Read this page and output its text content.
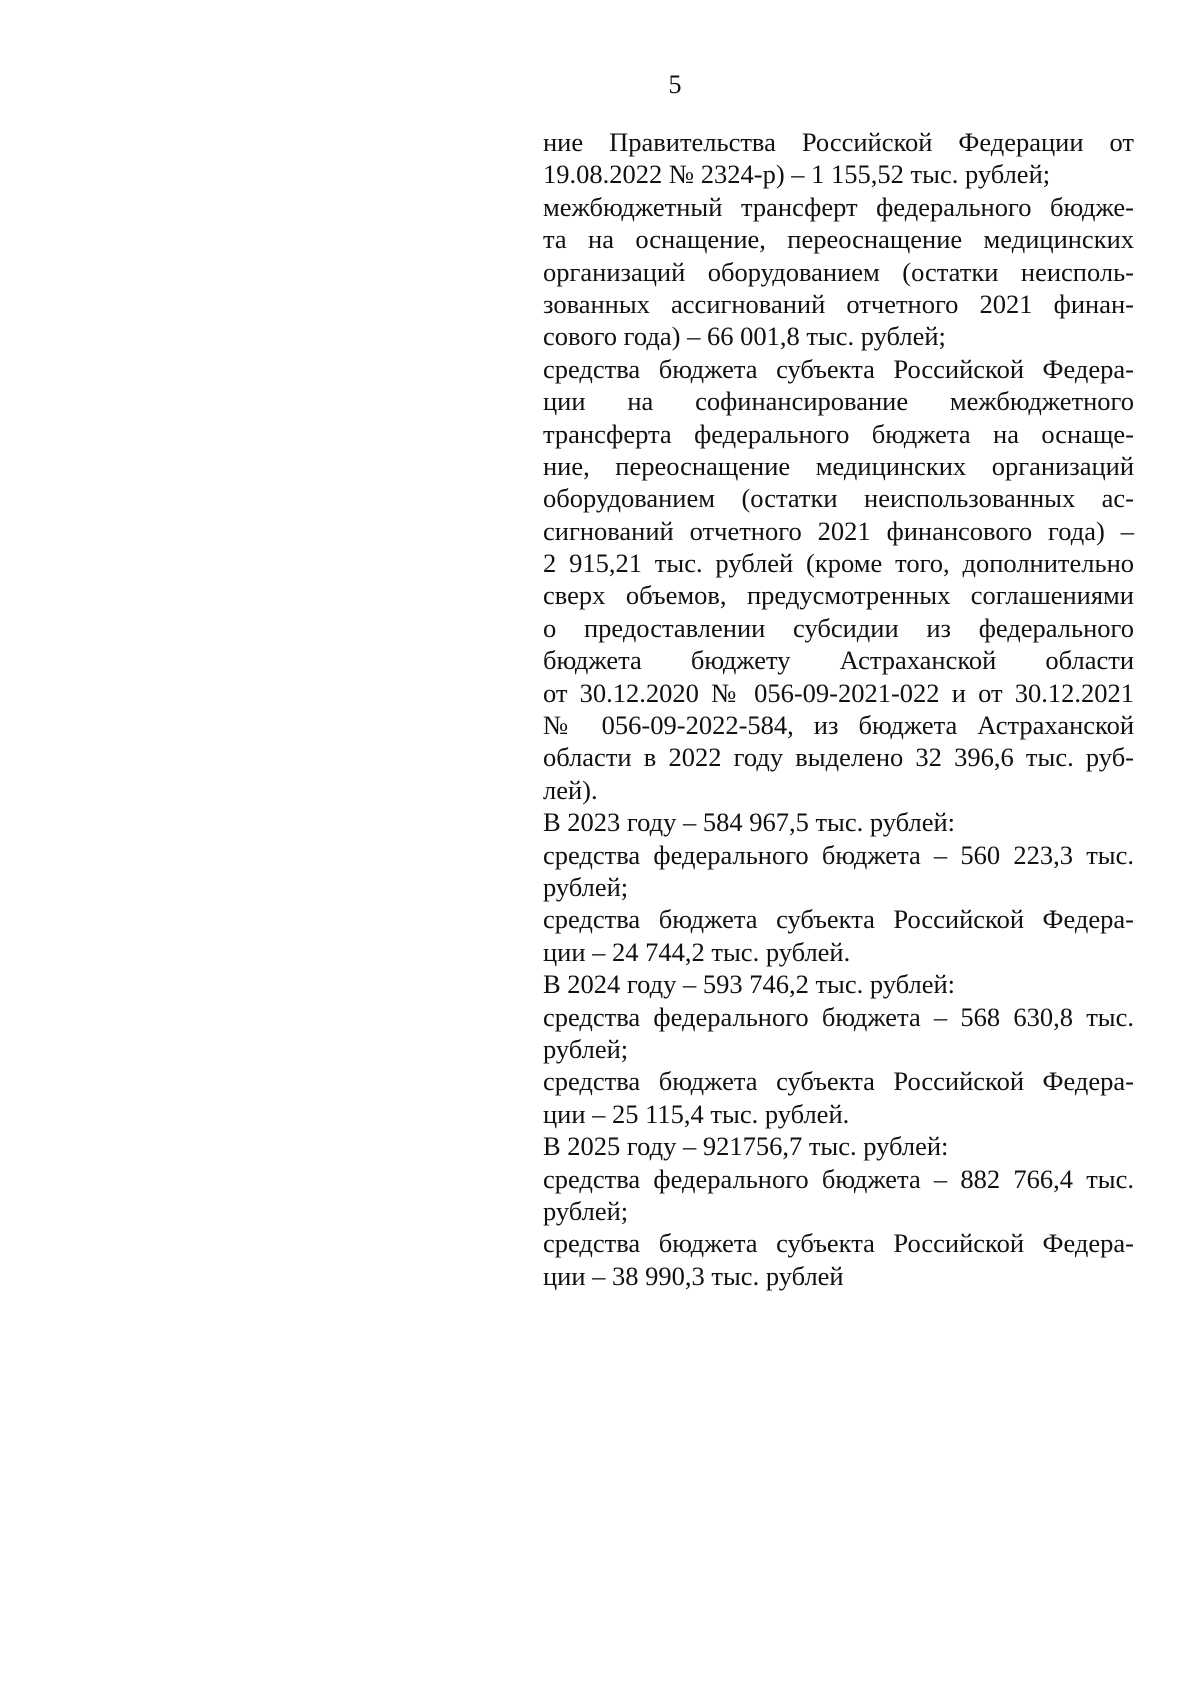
5
ние Правительства Российской Федерации от
19.08.2022 № 2324-р) – 1 155,52 тыс. рублей;
межбюджетный трансферт федерального бюдже-
та на оснащение, переоснащение медицинских
организаций оборудованием (остатки неисполь-
зованных ассигнований отчетного 2021 финан-
сового года) – 66 001,8 тыс. рублей;
средства бюджета субъекта Российской Федера-
ции на софинансирование межбюджетного
трансферта федерального бюджета на оснаще-
ние, переоснащение медицинских организаций
оборудованием (остатки неиспользованных ас-
сигнований отчетного 2021 финансового года) –
2 915,21 тыс. рублей (кроме того, дополнительно
сверх объемов, предусмотренных соглашениями
о предоставлении субсидии из федерального
бюджета бюджету Астраханской области
от 30.12.2020 № 056-09-2021-022 и от 30.12.2021
№ 056-09-2022-584, из бюджета Астраханской
области в 2022 году выделено 32 396,6 тыс. руб-
лей).
В 2023 году – 584 967,5 тыс. рублей:
средства федерального бюджета – 560 223,3 тыс.
рублей;
средства бюджета субъекта Российской Федера-
ции – 24 744,2 тыс. рублей.
В 2024 году – 593 746,2 тыс. рублей:
средства федерального бюджета – 568 630,8 тыс.
рублей;
средства бюджета субъекта Российской Федера-
ции – 25 115,4 тыс. рублей.
В 2025 году – 921756,7 тыс. рублей:
средства федерального бюджета – 882 766,4 тыс.
рублей;
средства бюджета субъекта Российской Федера-
ции – 38 990,3 тыс. рублей
